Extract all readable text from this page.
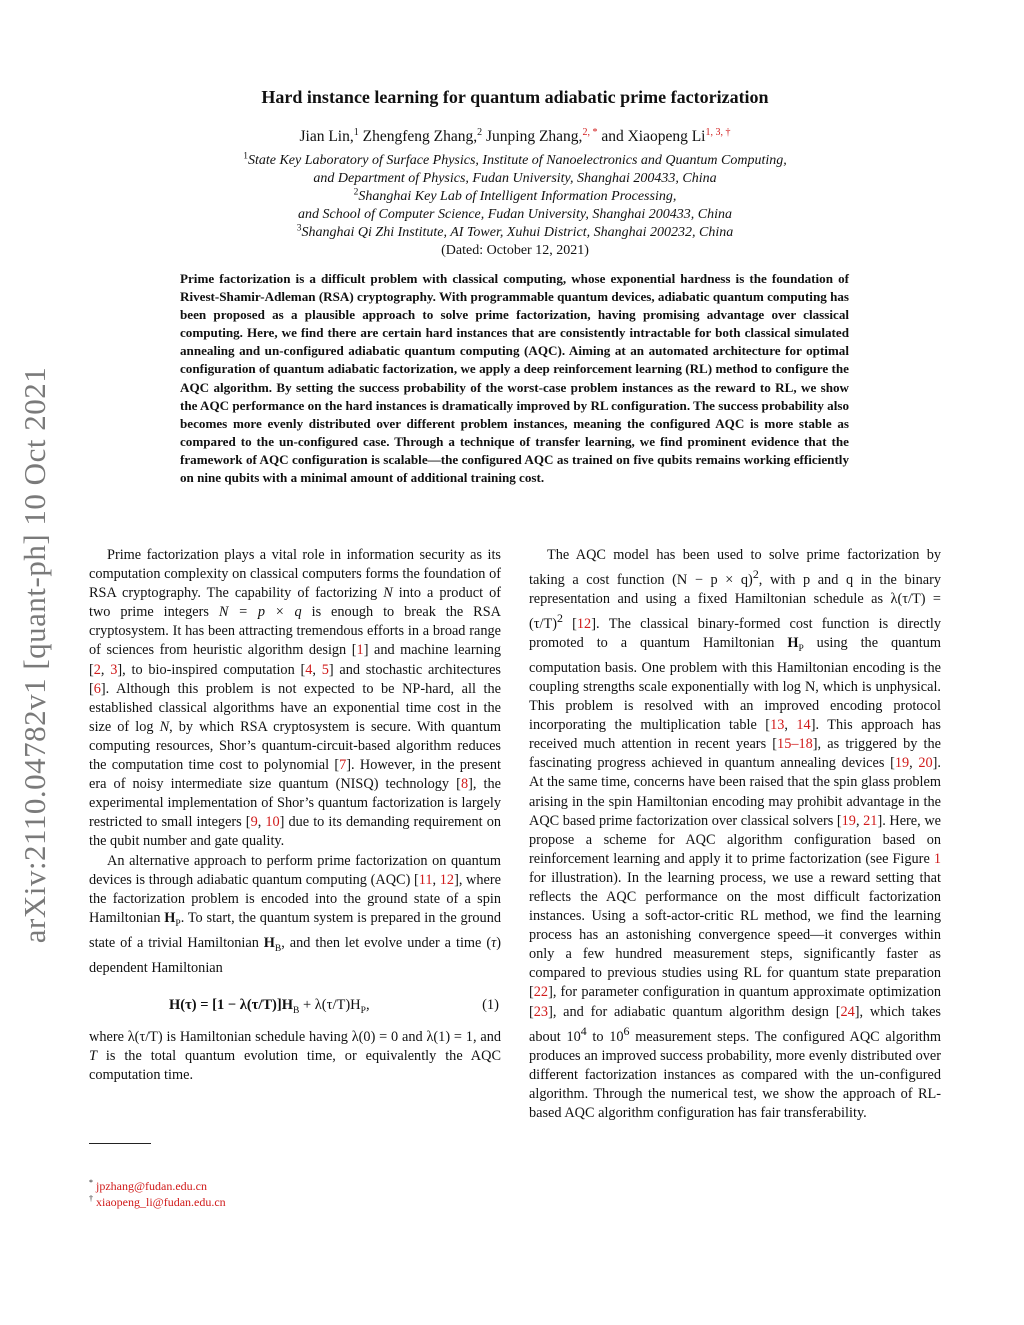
arXiv:2110.04782v1 [quant-ph] 10 Oct 2021
Hard instance learning for quantum adiabatic prime factorization
Jian Lin,$^1$ Zhengfeng Zhang,$^2$ Junping Zhang,$^{2, *}$ and Xiaopeng $Li^{1, 3, \dagger}$
$^1$State Key Laboratory of Surface Physics, Institute of Nanoelectronics and Quantum Computing,
and Department of Physics, Fudan University, Shanghai 200433, China
$^2$Shanghai Key Lab of Intelligent Information Processing,
and School of Computer Science, Fudan University, Shanghai 200433, China
$^3$Shanghai Qi Zhi Institute, AI Tower, Xuhui District, Shanghai 200232, China
(Dated: October 12, 2021)
Prime factorization is a difficult problem with classical computing, whose exponential hardness is the foundation of Rivest-Shamir-Adleman (RSA) cryptography. With programmable quantum devices, adiabatic quantum computing has been proposed as a plausible approach to solve prime factorization, having promising advantage over classical computing. Here, we find there are certain hard instances that are consistently intractable for both classical simulated annealing and un-configured adiabatic quantum computing (AQC). Aiming at an automated architecture for optimal configuration of quantum adiabatic factorization, we apply a deep reinforcement learning (RL) method to configure the AQC algorithm. By setting the success probability of the worst-case problem instances as the reward to RL, we show the AQC performance on the hard instances is dramatically improved by RL configuration. The success probability also becomes more evenly distributed over different problem instances, meaning the configured AQC is more stable as compared to the un-configured case. Through a technique of transfer learning, we find prominent evidence that the framework of AQC configuration is scalable—the configured AQC as trained on five qubits remains working efficiently on nine qubits with a minimal amount of additional training cost.

Prime factorization plays a vital role in information security as its computation complexity on classical computers forms the foundation of RSA cryptography. The capability of factorizing N into a product of two prime integers N = p × q is enough to break the RSA cryptosystem. It has been attracting tremendous efforts in a broad range of sciences from heuristic algorithm design [1] and machine learning [2, 3], to bio-inspired computation [4, 5] and stochastic architectures [6]. Although this problem is not expected to be NP-hard, all the established classical algorithms have an exponential time cost in the size of log N, by which RSA cryptosystem is secure. With quantum computing resources, Shor’s quantum-circuit-based algorithm reduces the computation time cost to polynomial [7]. However, in the present era of noisy intermediate size quantum (NISQ) technology [8], the experimental implementation of Shor’s quantum factorization is largely restricted to small integers [9, 10] due to its demanding requirement on the qubit number and gate quality.

An alternative approach to perform prime factorization on quantum devices is through adiabatic quantum computing (AQC) [11, 12], where the factorization problem is encoded into the ground state of a spin Hamiltonian $H_P$. To start, the quantum system is prepared in the ground state of a trivial Hamiltonian $H_B$, and then let evolve under a time (τ) dependent Hamiltonian

$H(\tau) = [1 - \lambda(\tau/T)]H_B + \lambda(\tau/T)H_P$,	(1)

where λ(τ/T) is Hamiltonian schedule having λ(0) = 0 and λ(1) = 1, and T is the total quantum evolution time, or equivalently the AQC computation time.

The AQC model has been used to solve prime factorization by taking a cost function $(N - p \times q)^2$, with p and q in the binary representation and using a fixed Hamiltonian schedule as $\lambda(\tau/T) = (\tau/T)^2$ [12]. The classical binary-formed cost function is directly promoted to a quantum Hamiltonian $H_P$ using the quantum computation basis. One problem with this Hamiltonian encoding is the coupling strengths scale exponentially with log N, which is unphysical. This problem is resolved with an improved encoding protocol incorporating the multiplication table [13, 14]. This approach has received much attention in recent years [15–18], as triggered by the fascinating progress achieved in quantum annealing devices [19, 20]. At the same time, concerns have been raised that the spin glass problem arising in the spin Hamiltonian encoding may prohibit advantage in the AQC based prime factorization over classical solvers [19, 21]. Here, we propose a scheme for AQC algorithm configuration based on reinforcement learning and apply it to prime factorization (see Figure 1 for illustration). In the learning process, we use a reward setting that reflects the AQC performance on the most difficult factorization instances. Using a soft-actor-critic RL method, we find the learning process has an astonishing convergence speed—it converges within only a few hundred measurement steps, significantly faster as compared to previous studies using RL for quantum state preparation [22], for parameter configuration in quantum approximate optimization [23], and for adiabatic quantum algorithm design [24], which takes about $10^4$ to $10^6$ measurement steps. The configured AQC algorithm produces an improved success probability, more evenly distributed over different factorization instances as compared with the un-configured algorithm. Through the numerical test, we show the approach of RL-based AQC algorithm configuration has fair transferability.

* jpzhang@fudan.edu.cn
† xiaopeng_li@fudan.edu.cn
